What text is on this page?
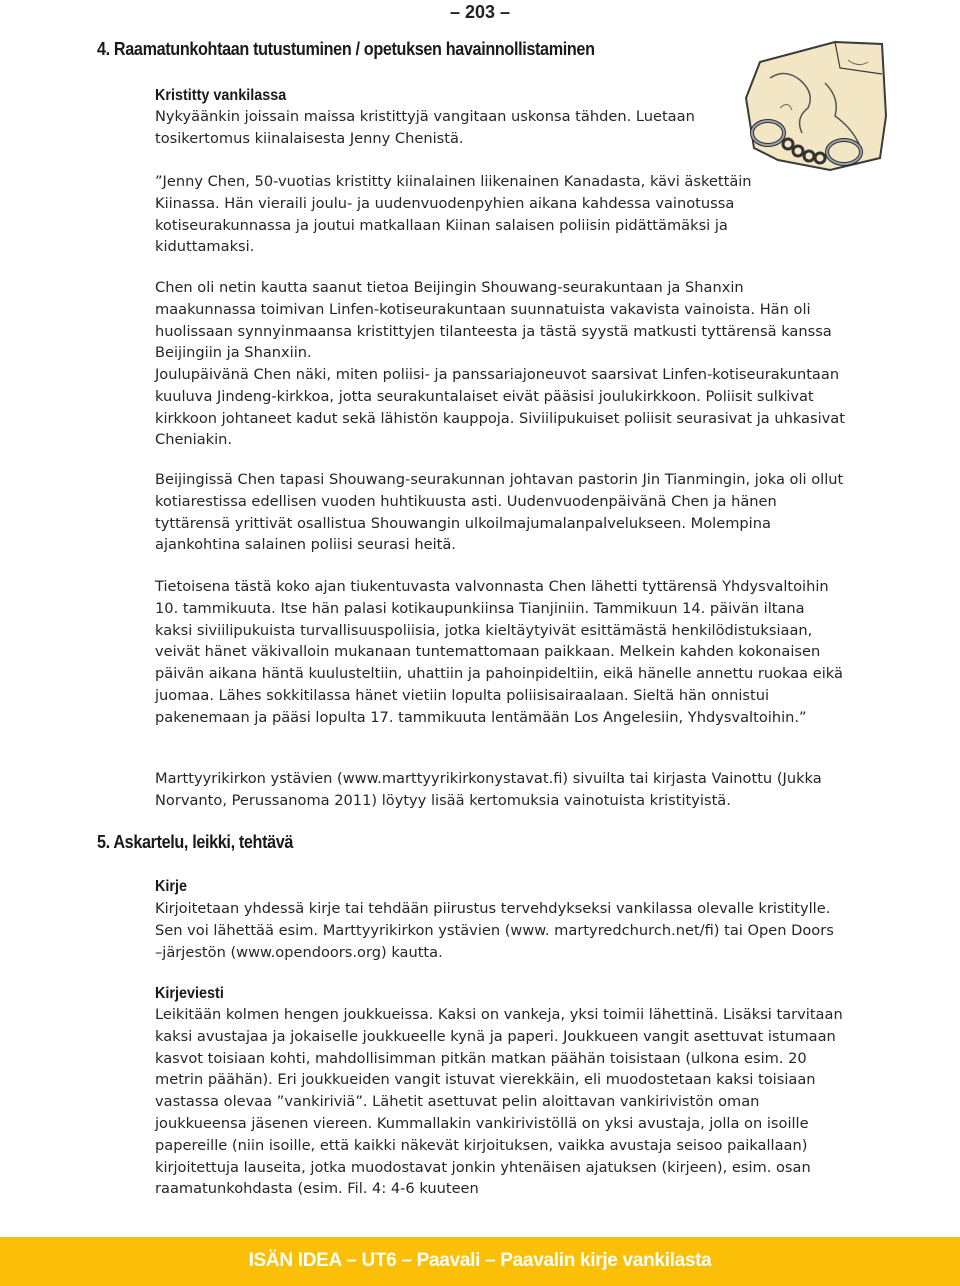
– 203 –
4. Raamatunkohtaan tutustuminen / opetuksen havainnollistaminen
Kristitty vankilassa

Nykyäänkin joissain maissa kristittyjä vangitaan uskonsa tähden. Luetaan tosikertomus kiinalaisesta Jenny Chenistä.

”Jenny Chen, 50-vuotias kristitty kiinalainen liikenainen Kanadasta, kävi äskettäin Kiinassa. Hän vieraili joulu- ja uudenvuodenpyhien aikana kahdessa vainotussa kotiseurakunnassa ja joutui matkallaan Kiinan salaisen poliisin pidättämäksi ja kiduttamaksi.

Chen oli netin kautta saanut tietoa Beijingin Shouwang-seurakuntaan ja Shanxin maakunnassa toimivan Linfen-kotiseurakuntaan suunnatuista vakavista vainoista. Hän oli huolissaan synnyinmaansa kristittyjen tilanteesta ja tästä syystä matkusti tyttärensä kanssa Beijingiin ja Shanxiin.

Joulupäivänä Chen näki, miten poliisi- ja panssariajoneuvot saarsivat Linfen-kotiseurakuntaan kuuluva Jindeng-kirkkoa, jotta seurakuntalaiset eivät pääsisi joulukirkkoon. Poliisit sulkivat kirkkoon johtaneet kadut sekä lähistön kauppoja. Siviilipukuiset poliisit seurasivat ja uhkasivat Cheniakin.

Beijingissä Chen tapasi Shouwang-seurakunnan johtavan pastorin Jin Tianmingin, joka oli ollut kotiarestissa edellisen vuoden huhtikuusta asti. Uudenvuodenpäivänä Chen ja hänen tyttärensä yrittivät osallistua Shouwangin ulkoilmajumalanpalvelukseen. Molempina ajankohtina salainen poliisi seurasi heitä.

Tietoisena tästä koko ajan tiukentuvasta valvonnasta Chen lähetti tyttärensä Yhdysvaltoihin 10. tammikuuta. Itse hän palasi kotikaupunkiinsa Tianjiniin. Tammikuun 14. päivän iltana kaksi siviilipukuista turvallisuuspoliisia, jotka kieltäytyivät esittämästä henkilödistuksiaan, veivät hänet väkivalloin mukanaan tuntemattomaan paikkaan. Melkein kahden kokonaisen päivän aikana häntä kuulusteltiin, uhattiin ja pahoinpideltiin, eikä hänelle annettu ruokaa eikä juomaa. Lähes sokkitilassa hänet vietiin lopulta poliisisairaalaan. Sieltä hän onnistui pakenemaan ja pääsi lopulta 17. tammikuuta lentämään Los Angelesiin, Yhdysvaltoihin.”

Marttyyrikirkon ystävien (www.marttyyrikirkonystavat.fi) sivuilta tai kirjasta Vainottu (Jukka Norvanto, Perussanoma 2011) löytyy lisää kertomuksia vainotuista kristityistä.

5. Askartelu, leikki, tehtävä
Kirje

Kirjoitetaan yhdessä kirje tai tehdään piirustus tervehdykseksi vankilassa olevalle kristitylle. Sen voi lähettää esim. Marttyyrikirkon ystävien (www. martyredchurch.net/fi) tai Open Doors –järjestön (www.opendoors.org) kautta.

Kirjeviesti

Leikitään kolmen hengen joukkueissa. Kaksi on vankeja, yksi toimii lähettinä. Lisäksi tarvitaan kaksi avustajaa ja jokaiselle joukkueelle kynä ja paperi. Joukkueen vangit asettuvat istumaan kasvot toisiaan kohti, mahdollisimman pitkän matkan päähän toisistaan (ulkona esim. 20 metrin päähän). Eri joukkueiden vangit istuvat vierekkäin, eli muodostetaan kaksi toisiaan vastassa olevaa ”vankiriviä”. Lähetit asettuvat pelin aloittavan vankirivistön oman joukkueensa jäsenen viereen. Kummallakin vankirivistöllä on yksi avustaja, jolla on isoille papereille (niin isoille, että kaikki näkevät kirjoituksen, vaikka avustaja seisoo paikallaan) kirjoitettuja lauseita, jotka muodostavat jonkin yhtenäisen ajatuksen (kirjeen), esim. osan raamatunkohdasta (esim. Fil. 4: 4-6 kuuteen

ISÄN IDEA – UT6 – Paavali – Paavalin kirje vankilasta
